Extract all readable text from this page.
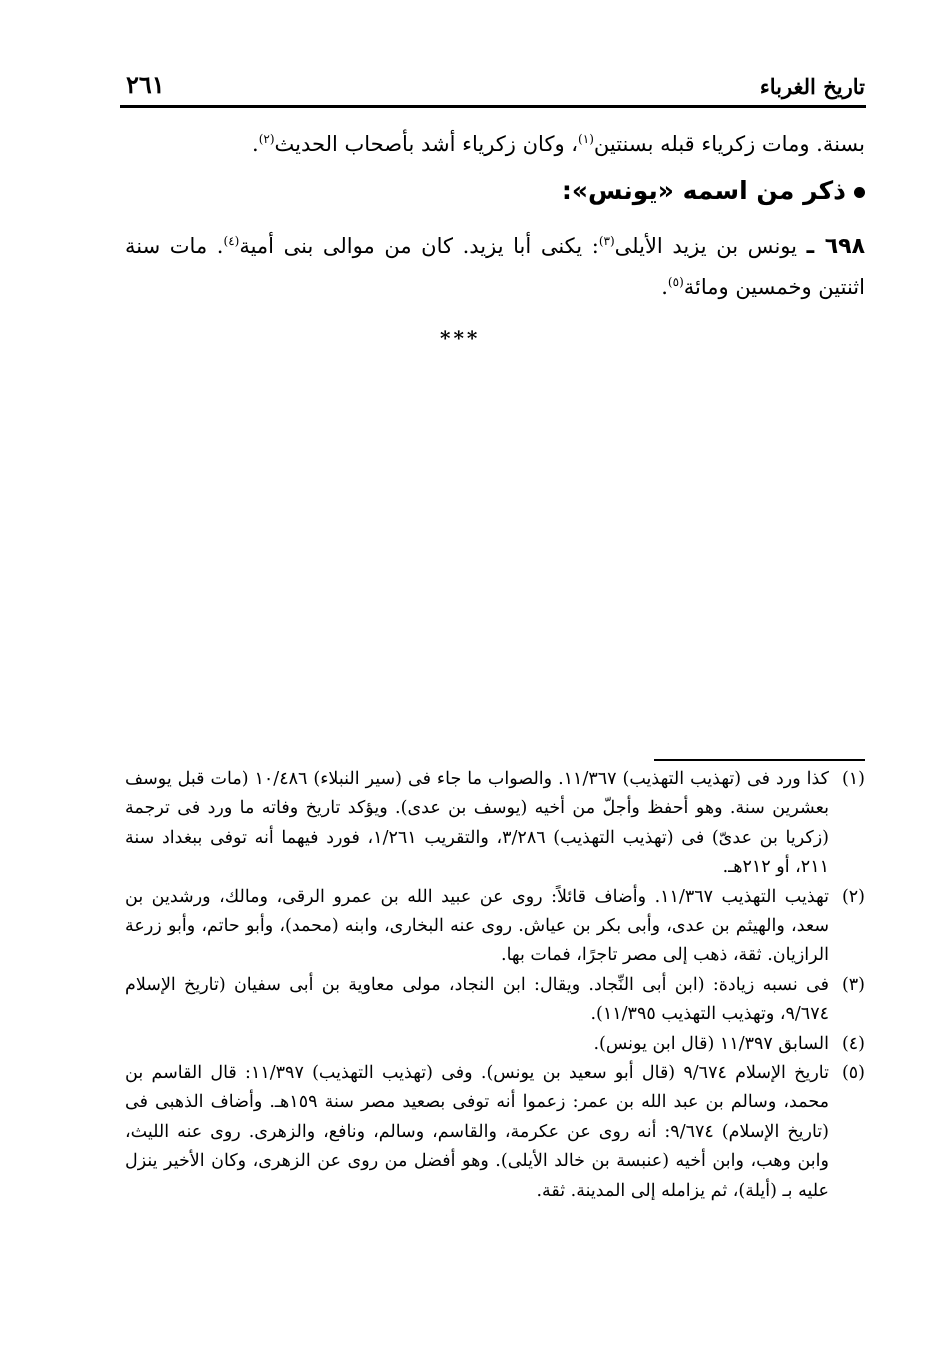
تاريخ الغرباء
٢٦١

بسنة. ومات زكرياء قبله بسنتين$^{(١)}$، وكان زكرياء أشد بأصحاب الحديث$^{(٢)}$.

ذكر من اسمه «يونس»:

٦٩٨ ـ يونس بن يزيد الأيلى$^{(٣)}$: يكنى أبا يزيد. كان من موالى بنى أمية$^{(٤)}$. مات سنة اثنتين وخمسين ومائة$^{(٥)}$.

***

(١)
كذا ورد فى (تهذيب التهذيب) ١١/٣٦٧. والصواب ما جاء فى (سير النبلاء) ١٠/٤٨٦ (مات قبل يوسف بعشرين سنة. وهو أحفظ وأجلّ من أخيه (يوسف بن عدى). ويؤكد تاريخ وفاته ما ورد فى ترجمة (زكريا بن عدىّ) فى (تهذيب التهذيب) ٣/٢٨٦، والتقريب ١/٢٦١، فورد فيهما أنه توفى ببغداد سنة ٢١١، أو ٢١٢هـ.

(٢)
تهذيب التهذيب ١١/٣٦٧. وأضاف قائلاً: روى عن عبيد الله بن عمرو الرقى، ومالك، ورشدين بن سعد، والهيثم بن عدى، وأبى بكر بن عياش. روى عنه البخارى، وابنه (محمد)، وأبو حاتم، وأبو زرعة الرازيان. ثقة، ذهب إلى مصر تاجرًا، فمات بها.

(٣)
فى نسبه زيادة: (ابن أبى النِّجاد. ويقال: ابن النجاد، مولى معاوية بن أبى سفيان (تاريخ الإسلام ٩/٦٧٤، وتهذيب التهذيب ١١/٣٩٥).

(٤)
السابق ١١/٣٩٧ (قال ابن يونس).

(٥)
تاريخ الإسلام ٩/٦٧٤ (قال أبو سعيد بن يونس). وفى (تهذيب التهذيب) ١١/٣٩٧: قال القاسم بن محمد، وسالم بن عبد الله بن عمر: زعموا أنه توفى بصعيد مصر سنة ١٥٩هـ. وأضاف الذهبى فى (تاريخ الإسلام) ٩/٦٧٤: أنه روى عن عكرمة، والقاسم، وسالم، ونافع، والزهرى. روى عنه الليث، وابن وهب، وابن أخيه (عنبسة بن خالد الأيلى). وهو أفضل من روى عن الزهرى، وكان الأخير ينزل عليه بـ (أيلة)، ثم يزامله إلى المدينة. ثقة.
